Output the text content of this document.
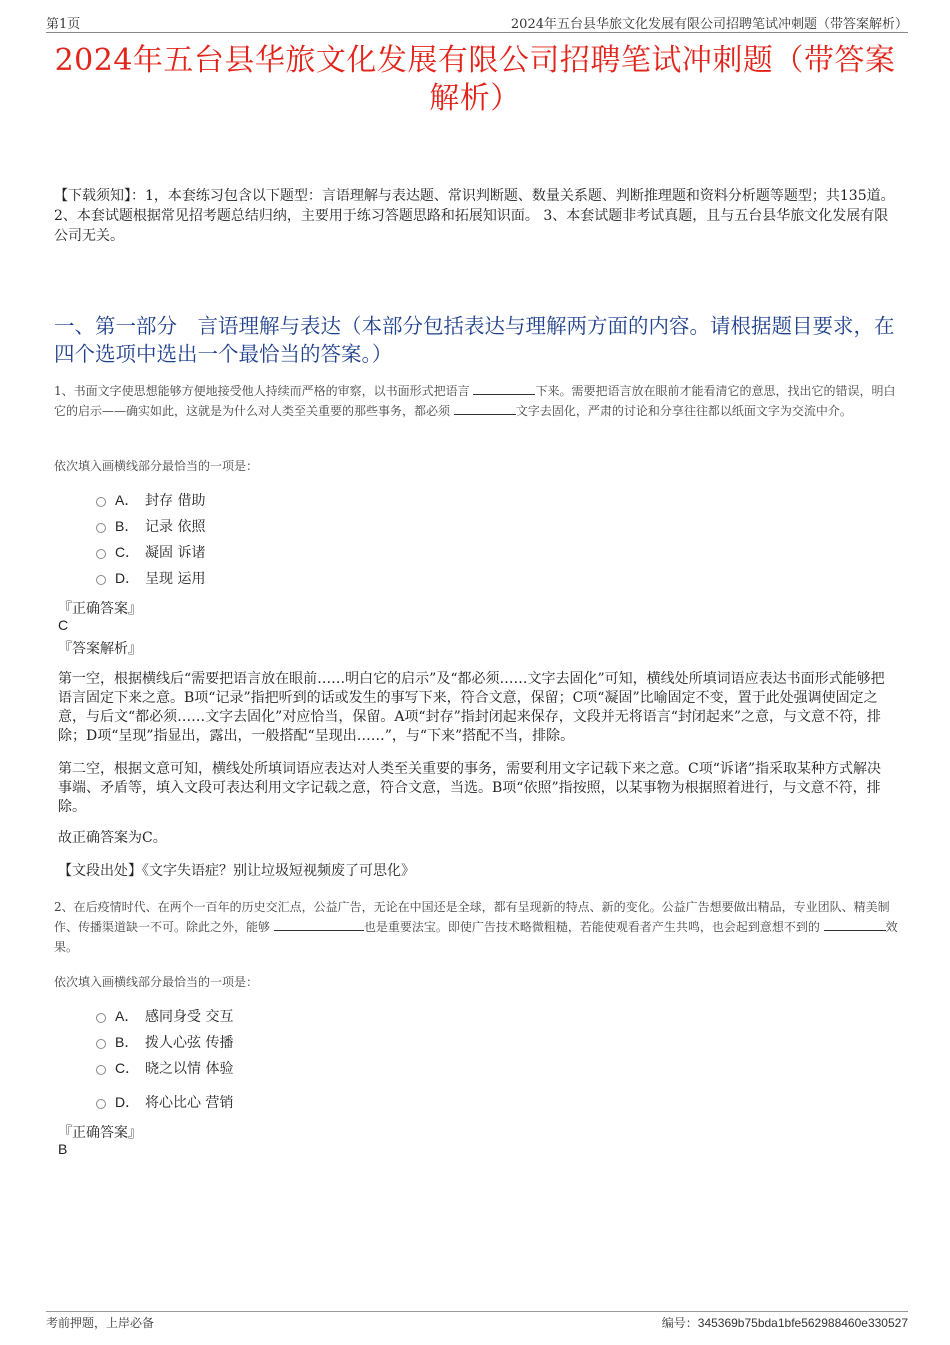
第1页	2024年五台县华旅文化发展有限公司招聘笔试冲刺题（带答案解析）
2024年五台县华旅文化发展有限公司招聘笔试冲刺题（带答案解析）
【下载须知】：1，本套练习包含以下题型：言语理解与表达题、常识判断题、数量关系题、判断推理题和资料分析题等题型；共135道。 2、本套试题根据常见招考题总结归纳，主要用于练习答题思路和拓展知识面。 3、本套试题非考试真题，且与五台县华旅文化发展有限公司无关。
一、第一部分　言语理解与表达（本部分包括表达与理解两方面的内容。请根据题目要求，在四个选项中选出一个最恰当的答案。）
1、书面文字使思想能够方便地接受他人持续而严格的审察，以书面形式把语言	下来。需要把语言放在眼前才能看清它的意思，找出它的错误，明白它的启示——确实如此，这就是为什么对人类至关重要的那些事务，都必须	文字去固化，严肃的讨论和分享往往都以纸面文字为交流中介。
依次填入画横线部分最恰当的一项是：
A． 封存 借助
B． 记录 依照
C． 凝固 诉诸
D． 呈现 运用
『正确答案』
C
『答案解析』
第一空，根据横线后“需要把语言放在眼前……明白它的启示”及“都必须……文字去固化”可知，横线处所填词语应表达书面形式能够把语言固定下来之意。B项“记录”指把听到的话或发生的事写下来，符合文意，保留；C项“凝固”比喻固定不变，置于此处强调使固定之意，与后文“都必须……文字去固化”对应恰当，保留。A项“封存”指封闭起来保存，文段并无将语言“封闭起来”之意，与文意不符，排除；D项“呈现”指显出，露出，一般搭配“呈现出……”，与“下来”搭配不当，排除。
第二空，根据文意可知，横线处所填词语应表达对人类至关重要的事务，需要利用文字记载下来之意。C项“诉诸”指采取某种方式解决事端、矛盾等，填入文段可表达利用文字记载之意，符合文意，当选。B项“依照”指按照，以某事物为根据照着进行，与文意不符，排除。
故正确答案为C。
【文段出处】《文字失语症？别让垃圾短视频废了可思化》
2、在后疫情时代、在两个一百年的历史交汇点，公益广告，无论在中国还是全球，都有呈现新的特点、新的变化。公益广告想要做出精品，专业团队、精美制作、传播渠道缺一不可。除此之外，能够	也是重要法宝。即使广告技术略微粗糙，若能使观看者产生共鸣，也会起到意想不到的	效果。
依次填入画横线部分最恰当的一项是：
A． 感同身受 交互
B． 拨人心弦 传播
C． 晓之以情 体验
D． 将心比心 营销
『正确答案』
B
考前押题，上岸必备	编号：345369b75bda1bfe562988460e330527
